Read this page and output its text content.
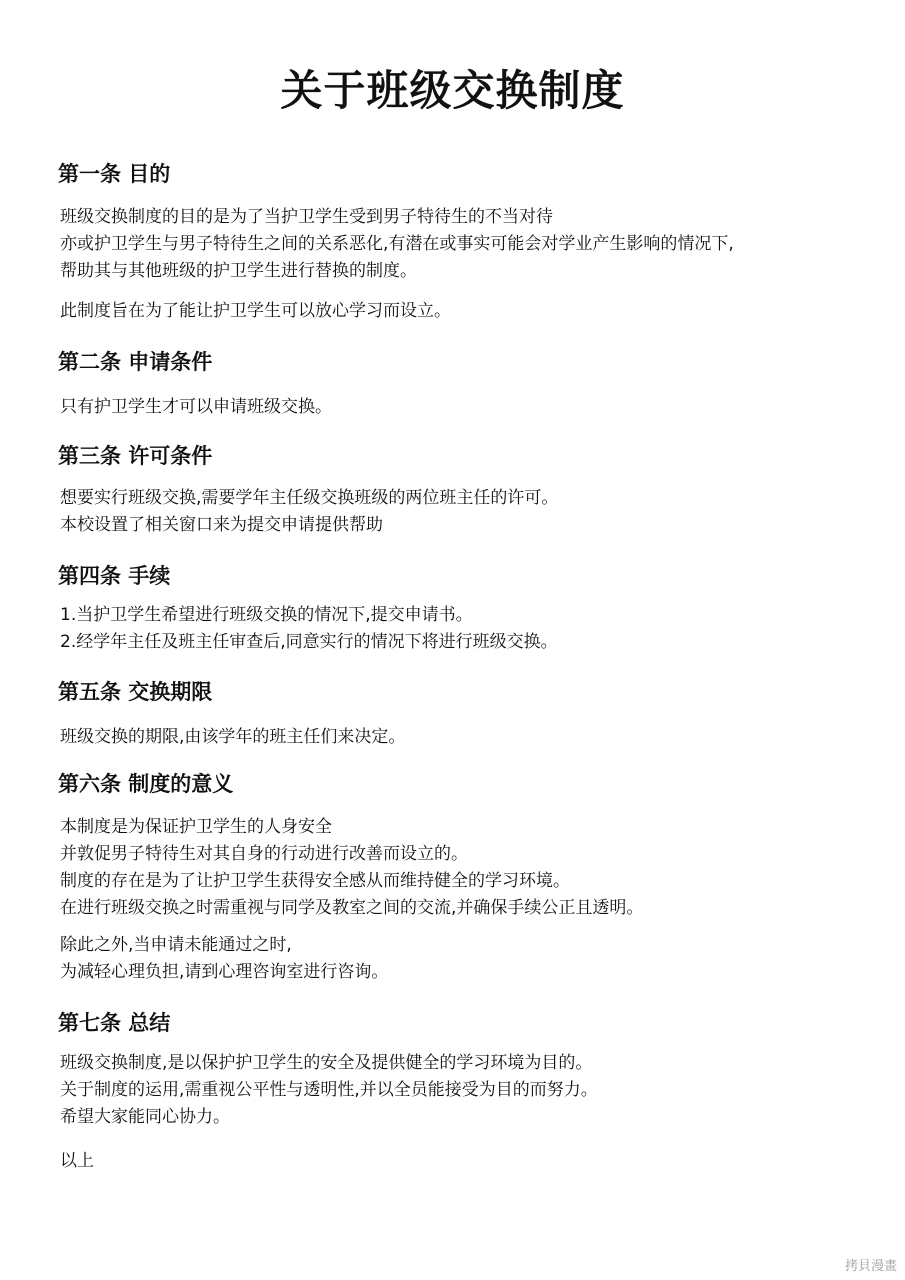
关于班级交换制度
第一条 目的
班级交换制度的目的是为了当护卫学生受到男子特待生的不当对待
亦或护卫学生与男子特待生之间的关系恶化,有潜在或事实可能会对学业产生影响的情况下,
帮助其与其他班级的护卫学生进行替换的制度。
此制度旨在为了能让护卫学生可以放心学习而设立。
第二条 申请条件
只有护卫学生才可以申请班级交换。
第三条 许可条件
想要实行班级交换,需要学年主任级交换班级的两位班主任的许可。
本校设置了相关窗口来为提交申请提供帮助
第四条 手续
1.当护卫学生希望进行班级交换的情况下,提交申请书。
2.经学年主任及班主任审查后,同意实行的情况下将进行班级交换。
第五条 交换期限
班级交换的期限,由该学年的班主任们来决定。
第六条 制度的意义
本制度是为保证护卫学生的人身安全
并敦促男子特待生对其自身的行动进行改善而设立的。
制度的存在是为了让护卫学生获得安全感从而维持健全的学习环境。
在进行班级交换之时需重视与同学及教室之间的交流,并确保手续公正且透明。
除此之外,当申请未能通过之时,
为减轻心理负担,请到心理咨询室进行咨询。
第七条 总结
班级交换制度,是以保护护卫学生的安全及提供健全的学习环境为目的。
关于制度的运用,需重视公平性与透明性,并以全员能接受为目的而努力。
希望大家能同心协力。
以上
拷貝漫畫
